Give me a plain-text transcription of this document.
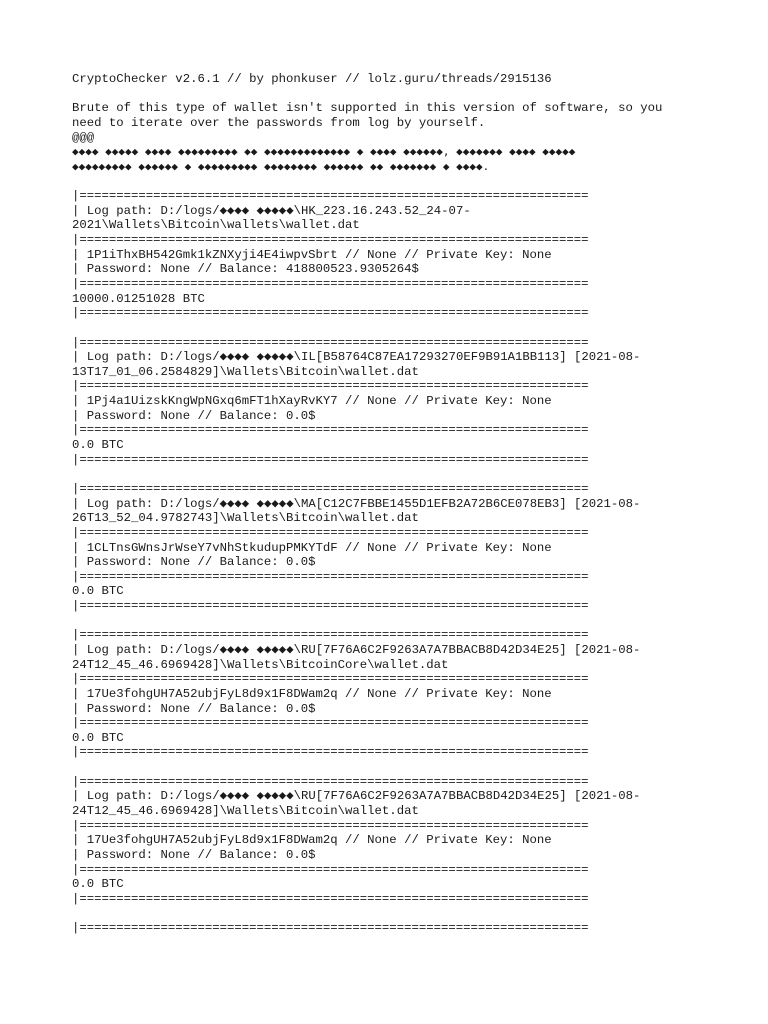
CryptoChecker v2.6.1 // by phonkuser // lolz.guru/threads/2915136
Brute of this type of wallet isn't supported in this version of software, so you
need to iterate over the passwords from log by yourself.
@@@
◆◆◆◆ ◆◆◆◆◆ ◆◆◆◆ ◆◆◆◆◆◆◆◆◆ ◆◆ ◆◆◆◆◆◆◆◆◆◆◆◆◆ ◆ ◆◆◆◆ ◆◆◆◆◆◆, ◆◆◆◆◆◆◆ ◆◆◆◆ ◆◆◆◆◆
◆◆◆◆◆◆◆◆◆ ◆◆◆◆◆◆ ◆ ◆◆◆◆◆◆◆◆◆ ◆◆◆◆◆◆◆◆ ◆◆◆◆◆◆ ◆◆ ◆◆◆◆◆◆◆ ◆ ◆◆◆◆.
|=====================================================================
| Log path: D:/logs/◆◆◆◆ ◆◆◆◆◆\HK_223.16.243.52_24-07-
2021\Wallets\Bitcoin\wallets\wallet.dat
|=====================================================================
| 1P1iThxBH542Gmk1kZNXyji4E4iwpvSbrt // None // Private Key: None
| Password: None // Balance: 418800523.9305264$
|=====================================================================
10000.01251028 BTC
|=====================================================================
|=====================================================================
| Log path: D:/logs/◆◆◆◆ ◆◆◆◆◆\IL[B58764C87EA17293270EF9B91A1BB113] [2021-08-
13T17_01_06.2584829]\Wallets\Bitcoin\wallet.dat
|=====================================================================
| 1Pj4a1UizskKngWpNGxq6mFT1hXayRvKY7 // None // Private Key: None
| Password: None // Balance: 0.0$
|=====================================================================
0.0 BTC
|=====================================================================
|=====================================================================
| Log path: D:/logs/◆◆◆◆ ◆◆◆◆◆\MA[C12C7FBBE1455D1EFB2A72B6CE078EB3] [2021-08-
26T13_52_04.9782743]\Wallets\Bitcoin\wallet.dat
|=====================================================================
| 1CLTnsGWnsJrWseY7vNhStkudupPMKYTdF // None // Private Key: None
| Password: None // Balance: 0.0$
|=====================================================================
0.0 BTC
|=====================================================================
|=====================================================================
| Log path: D:/logs/◆◆◆◆ ◆◆◆◆◆\RU[7F76A6C2F9263A7A7BBACB8D42D34E25] [2021-08-
24T12_45_46.6969428]\Wallets\BitcoinCore\wallet.dat
|=====================================================================
| 17Ue3fohgUH7A52ubjFyL8d9x1F8DWam2q // None // Private Key: None
| Password: None // Balance: 0.0$
|=====================================================================
0.0 BTC
|=====================================================================
|=====================================================================
| Log path: D:/logs/◆◆◆◆ ◆◆◆◆◆\RU[7F76A6C2F9263A7A7BBACB8D42D34E25] [2021-08-
24T12_45_46.6969428]\Wallets\Bitcoin\wallet.dat
|=====================================================================
| 17Ue3fohgUH7A52ubjFyL8d9x1F8DWam2q // None // Private Key: None
| Password: None // Balance: 0.0$
|=====================================================================
0.0 BTC
|=====================================================================
|=====================================================================
